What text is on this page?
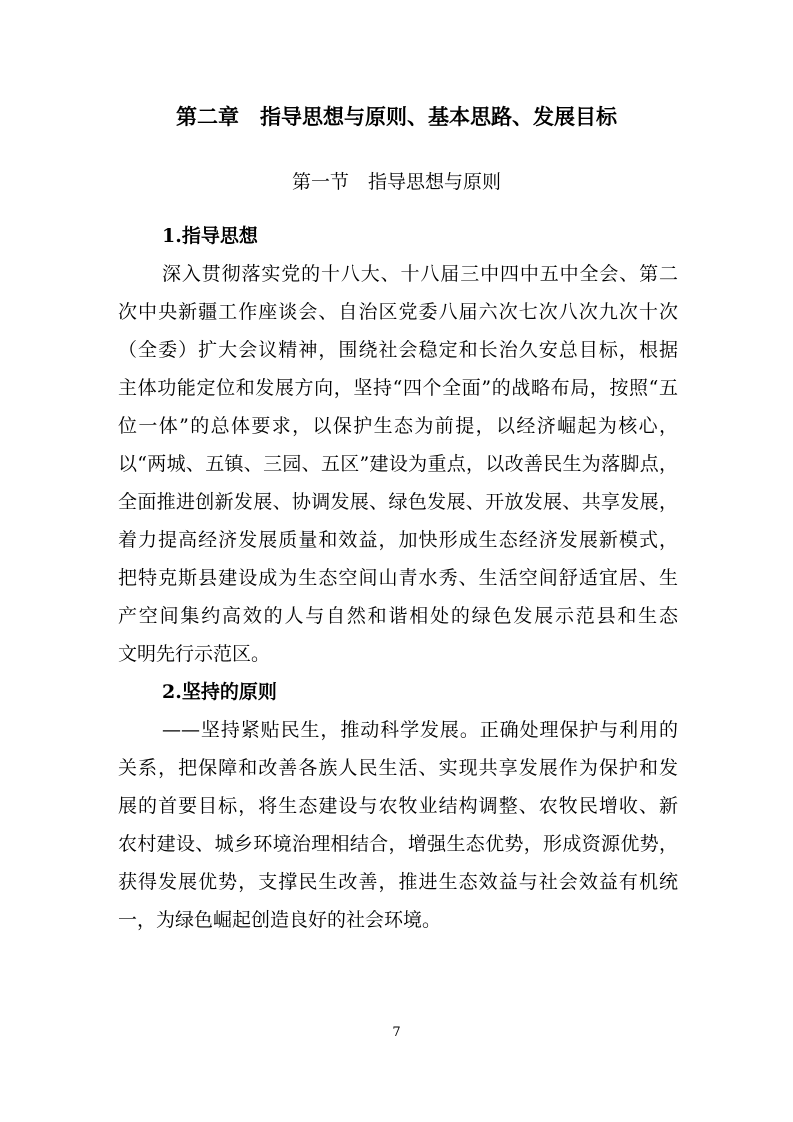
第二章　指导思想与原则、基本思路、发展目标
第一节　指导思想与原则
1.指导思想
深入贯彻落实党的十八大、十八届三中四中五中全会、第二
次中央新疆工作座谈会、自治区党委八届六次七次八次九次十次
（全委）扩大会议精神，围绕社会稳定和长治久安总目标，根据
主体功能定位和发展方向，坚持“四个全面”的战略布局，按照“五
位一体”的总体要求，以保护生态为前提，以经济崛起为核心，
以“两城、五镇、三园、五区”建设为重点，以改善民生为落脚点，
全面推进创新发展、协调发展、绿色发展、开放发展、共享发展，
着力提高经济发展质量和效益，加快形成生态经济发展新模式，
把特克斯县建设成为生态空间山青水秀、生活空间舒适宜居、生
产空间集约高效的人与自然和谐相处的绿色发展示范县和生态
文明先行示范区。
2.坚持的原则
——坚持紧贴民生，推动科学发展。正确处理保护与利用的
关系，把保障和改善各族人民生活、实现共享发展作为保护和发
展的首要目标，将生态建设与农牧业结构调整、农牧民增收、新
农村建设、城乡环境治理相结合，增强生态优势，形成资源优势，
获得发展优势，支撑民生改善，推进生态效益与社会效益有机统
一，为绿色崛起创造良好的社会环境。
7
